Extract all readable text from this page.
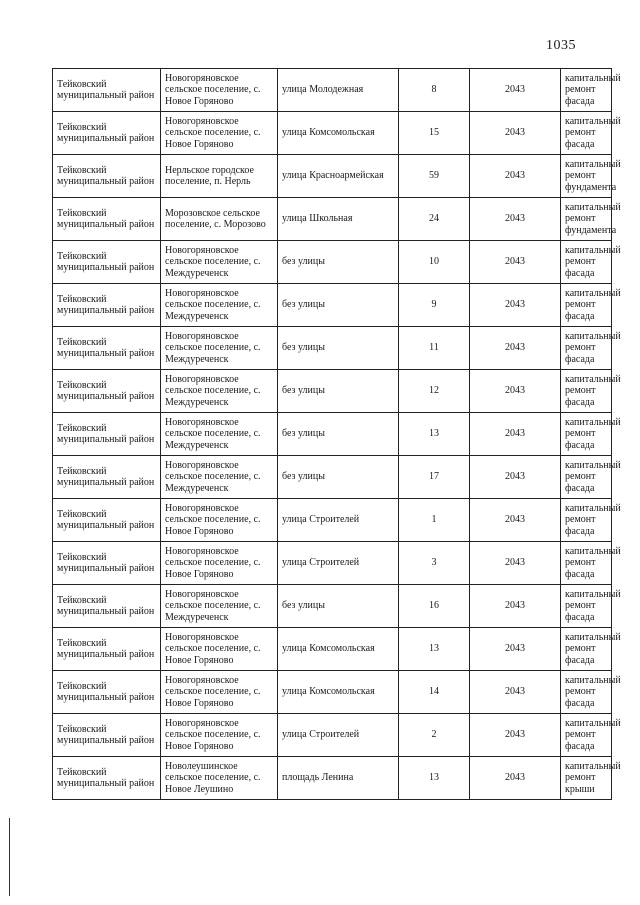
1035
Тейковский муниципальный район	Новогоряновское сельское поселение, с. Новое Горяново	улица Молодежная	8	2043	капитальный ремонт фасада
Тейковский муниципальный район	Новогоряновское сельское поселение, с. Новое Горяново	улица Комсомольская	15	2043	капитальный ремонт фасада
Тейковский муниципальный район	Нерльское городское поселение, п. Нерль	улица Красноармейская	59	2043	капитальный ремонт фундамента
Тейковский муниципальный район	Морозовское сельское поселение, с. Морозово	улица Школьная	24	2043	капитальный ремонт фундамента
Тейковский муниципальный район	Новогоряновское сельское поселение, с. Междуреченск	без улицы	10	2043	капитальный ремонт фасада
Тейковский муниципальный район	Новогоряновское сельское поселение, с. Междуреченск	без улицы	9	2043	капитальный ремонт фасада
Тейковский муниципальный район	Новогоряновское сельское поселение, с. Междуреченск	без улицы	11	2043	капитальный ремонт фасада
Тейковский муниципальный район	Новогоряновское сельское поселение, с. Междуреченск	без улицы	12	2043	капитальный ремонт фасада
Тейковский муниципальный район	Новогоряновское сельское поселение, с. Междуреченск	без улицы	13	2043	капитальный ремонт фасада
Тейковский муниципальный район	Новогоряновское сельское поселение, с. Междуреченск	без улицы	17	2043	капитальный ремонт фасада
Тейковский муниципальный район	Новогоряновское сельское поселение, с. Новое Горяново	улица Строителей	1	2043	капитальный ремонт фасада
Тейковский муниципальный район	Новогоряновское сельское поселение, с. Новое Горяново	улица Строителей	3	2043	капитальный ремонт фасада
Тейковский муниципальный район	Новогоряновское сельское поселение, с. Междуреченск	без улицы	16	2043	капитальный ремонт фасада
Тейковский муниципальный район	Новогоряновское сельское поселение, с. Новое Горяново	улица Комсомольская	13	2043	капитальный ремонт фасада
Тейковский муниципальный район	Новогоряновское сельское поселение, с. Новое Горяново	улица Комсомольская	14	2043	капитальный ремонт фасада
Тейковский муниципальный район	Новогоряновское сельское поселение, с. Новое Горяново	улица Строителей	2	2043	капитальный ремонт фасада
Тейковский муниципальный район	Новолеушинское сельское поселение, с. Новое Леушино	площадь Ленина	13	2043	капитальный ремонт крыши
